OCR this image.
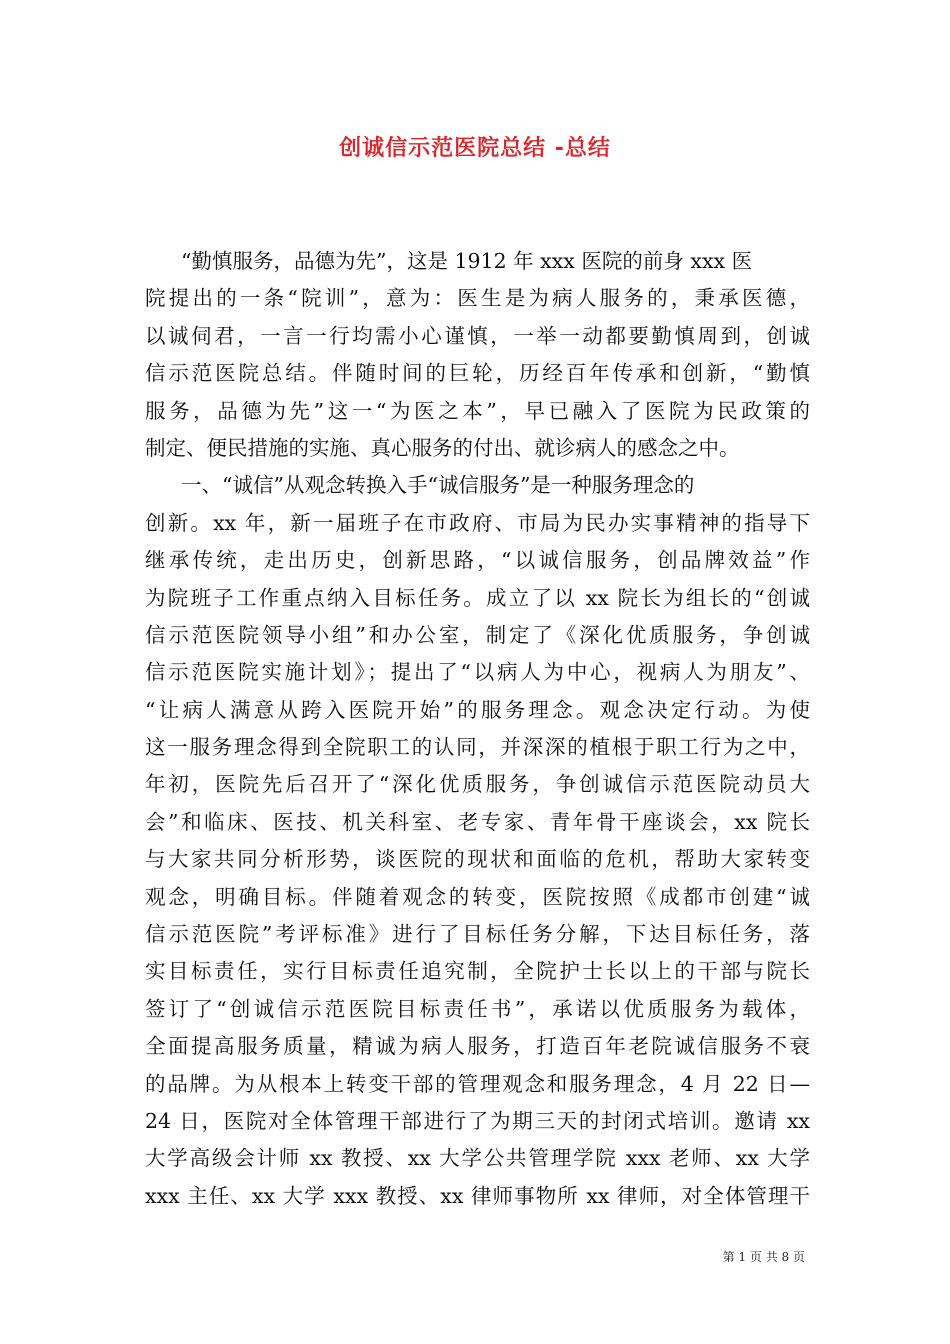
创诚信示范医院总结 -总结
“勤慎服务，品德为先”，这是 1912 年 xxx 医院的前身 xxx 医
院提出的一条“院训”，意为：医生是为病人服务的，秉承医德，
以诚伺君，一言一行均需小心谨慎，一举一动都要勤慎周到，创诚
信示范医院总结。伴随时间的巨轮，历经百年传承和创新，“勤慎
服务，品德为先”这一“为医之本”，早已融入了医院为民政策的
制定、便民措施的实施、真心服务的付出、就诊病人的感念之中。
一、“诚信”从观念转换入手“诚信服务”是一种服务理念的
创新。xx 年，新一届班子在市政府、市局为民办实事精神的指导下
继承传统，走出历史，创新思路，“以诚信服务，创品牌效益”作
为院班子工作重点纳入目标任务。成立了以 xx 院长为组长的“创诚
信示范医院领导小组”和办公室，制定了《深化优质服务，争创诚
信示范医院实施计划》；提出了“以病人为中心，视病人为朋友”、
“让病人满意从跨入医院开始”的服务理念。观念决定行动。为使
这一服务理念得到全院职工的认同，并深深的植根于职工行为之中，
年初，医院先后召开了“深化优质服务，争创诚信示范医院动员大
会”和临床、医技、机关科室、老专家、青年骨干座谈会，xx 院长
与大家共同分析形势，谈医院的现状和面临的危机，帮助大家转变
观念，明确目标。伴随着观念的转变，医院按照《成都市创建“诚
信示范医院”考评标准》进行了目标任务分解，下达目标任务，落
实目标责任，实行目标责任追究制，全院护士长以上的干部与院长
签订了“创诚信示范医院目标责任书”，承诺以优质服务为载体，
全面提高服务质量，精诚为病人服务，打造百年老院诚信服务不衰
的品牌。为从根本上转变干部的管理观念和服务理念，4 月 22 日—
24 日，医院对全体管理干部进行了为期三天的封闭式培训。邀请 xx
大学高级会计师 xx 教授、xx 大学公共管理学院 xxx 老师、xx 大学
xxx 主任、xx 大学 xxx 教授、xx 律师事物所 xx 律师，对全体管理干
第 1 页 共 8 页
